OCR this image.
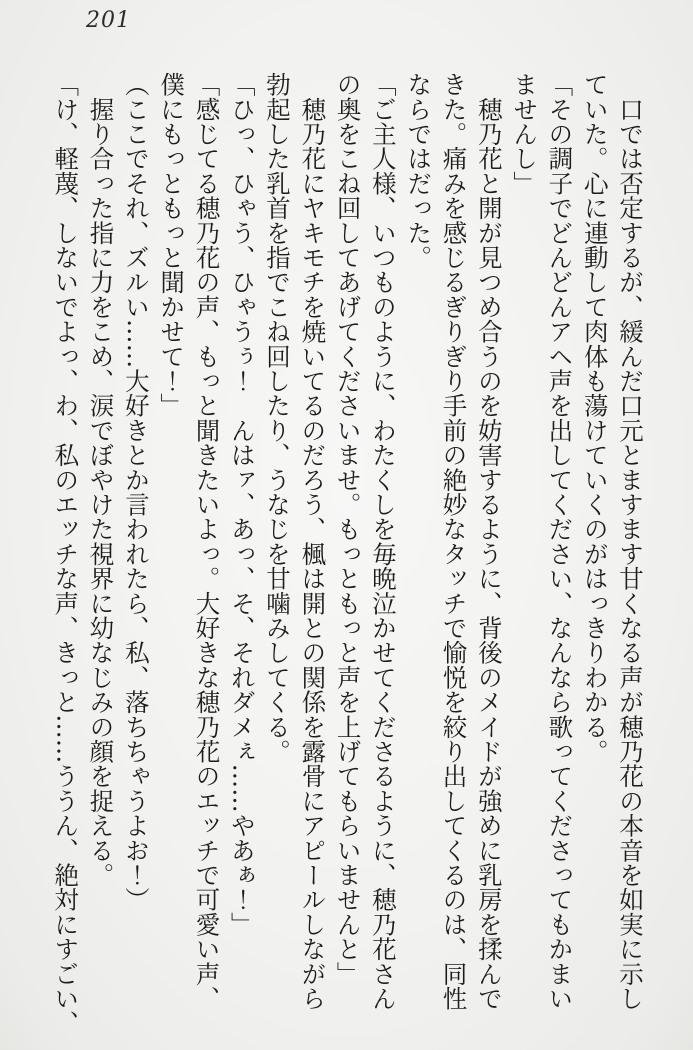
201
　口では否定するが、緩んだ口元とますます甘くなる声が穂乃花の本音を如実に示し
ていた。心に連動して肉体も蕩けていくのがはっきりわかる。
「その調子でどんどんアヘ声を出してください、なんなら歌ってくださってもかまい
ませんし」
　穂乃花と開が見つめ合うのを妨害するように、背後のメイドが強めに乳房を揉んで
きた。痛みを感じるぎりぎり手前の絶妙なタッチで愉悦を絞り出してくるのは、同性
ならではだった。
「ご主人様、いつものように、わたくしを毎晩泣かせてくださるように、穂乃花さん
の奥をこね回してあげてくださいませ。もっともっと声を上げてもらいませんと」
　穂乃花にヤキモチを焼いてるのだろう、楓は開との関係を露骨にアピールしながら
勃起した乳首を指でこね回したり、うなじを甘噛みしてくる。
「ひっ、ひゃう、ひゃうぅ！　んはァ、あっ、そ、それダメぇ……やあぁ！」
「感じてる穂乃花の声、もっと聞きたいよっ。大好きな穂乃花のエッチで可愛い声、
僕にもっともっと聞かせて！」
（ここでそれ、ズルい……大好きとか言われたら、私、落ちちゃうよお！）
　握り合った指に力をこめ、涙でぼやけた視界に幼なじみの顔を捉える。
「け、軽蔑、しないでよっ、わ、私のエッチな声、きっと……ううん、絶対にすごい、
